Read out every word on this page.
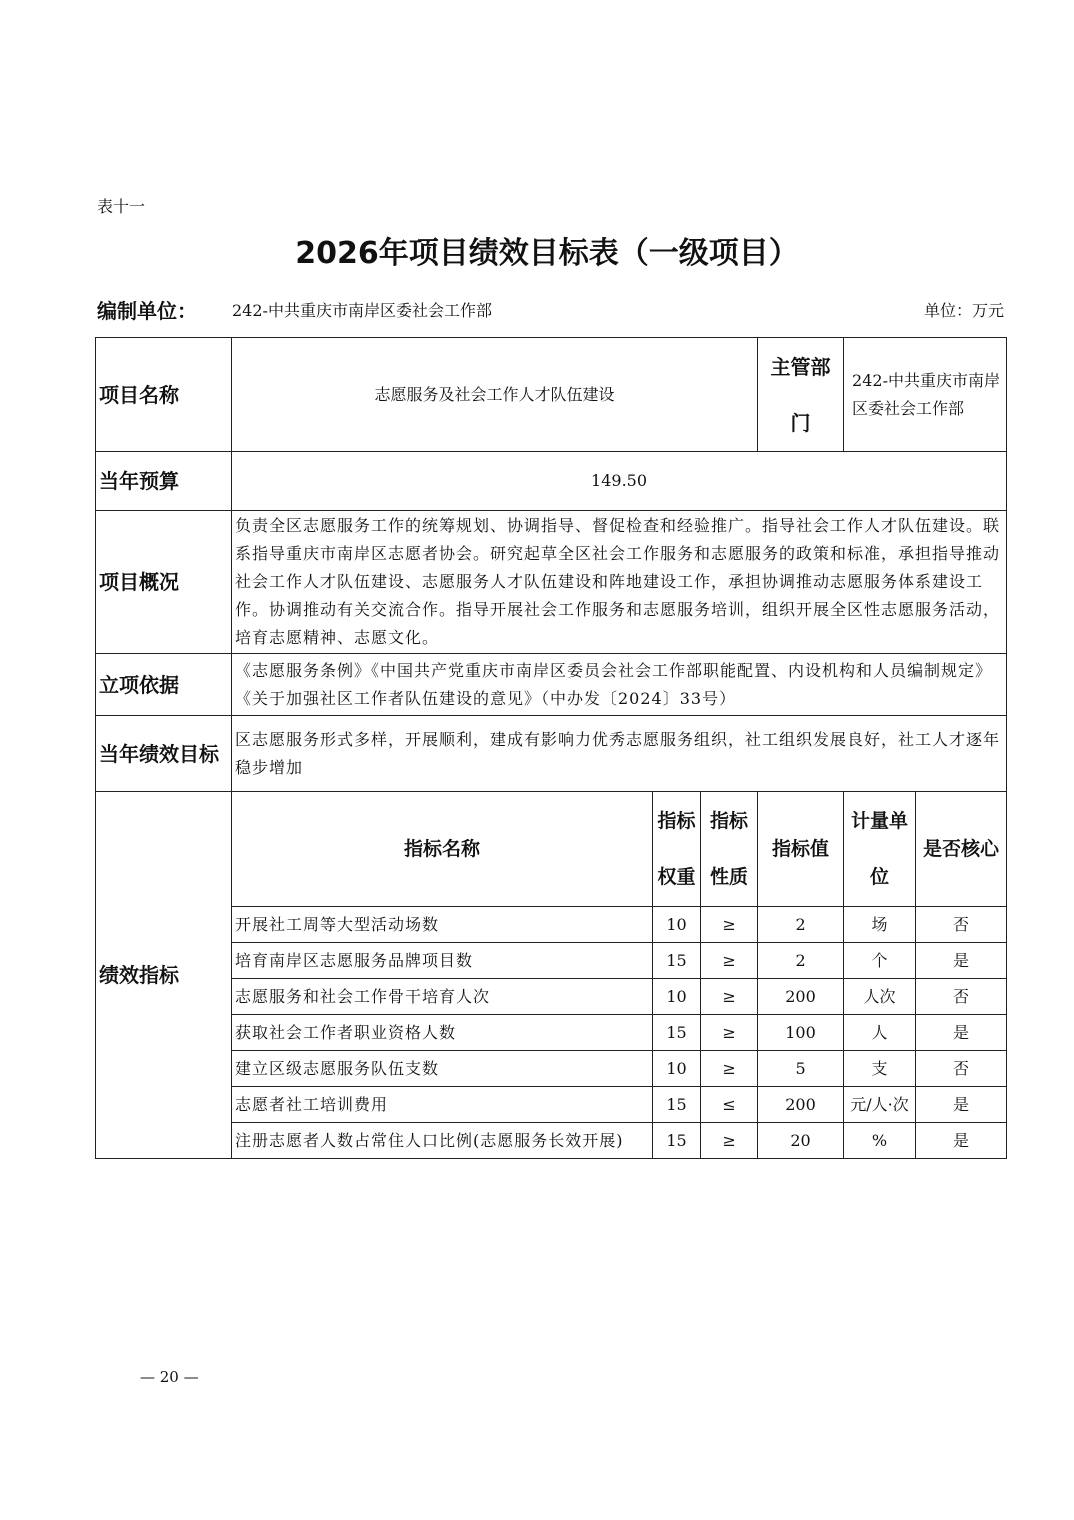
表十一
2026年项目绩效目标表（一级项目）
编制单位： 242-中共重庆市南岸区委社会工作部	单位：万元
项目名称	志愿服务及社会工作人才队伍建设			主管部门	242-中共重庆市南岸区委社会工作部	
当年预算	149.50					
项目概况	负责全区志愿服务工作的统筹规划、协调指导、督促检查和经验推广。指导社会工作人才队伍建设。联系指导重庆市南岸区志愿者协会。研究起草全区社会工作服务和志愿服务的政策和标准，承担指导推动社会工作人才队伍建设、志愿服务人才队伍建设和阵地建设工作，承担协调推动志愿服务体系建设工作。协调推动有关交流合作。指导开展社会工作服务和志愿服务培训，组织开展全区性志愿服务活动，培育志愿精神、志愿文化。					
立项依据	《志愿服务条例》《中国共产党重庆市南岸区委员会社会工作部职能配置、内设机构和人员编制规定》《关于加强社区工作者队伍建设的意见》（中办发〔2024〕33号）					
当年绩效目标	区志愿服务形式多样，开展顺利，建成有影响力优秀志愿服务组织，社工组织发展良好，社工人才逐年稳步增加					
绩效指标	指标名称	指标权重	指标性质	指标值	计量单位	是否核心
	开展社工周等大型活动场数	10	≥	2	场	否
	培育南岸区志愿服务品牌项目数	15	≥	2	个	是
	志愿服务和社会工作骨干培育人次	10	≥	200	人次	否
	获取社会工作者职业资格人数	15	≥	100	人	是
	建立区级志愿服务队伍支数	10	≥	5	支	否
	志愿者社工培训费用	15	≤	200	元/人·次	是
	注册志愿者人数占常住人口比例(志愿服务长效开展)	15	≥	20	%	是
— 20 —
